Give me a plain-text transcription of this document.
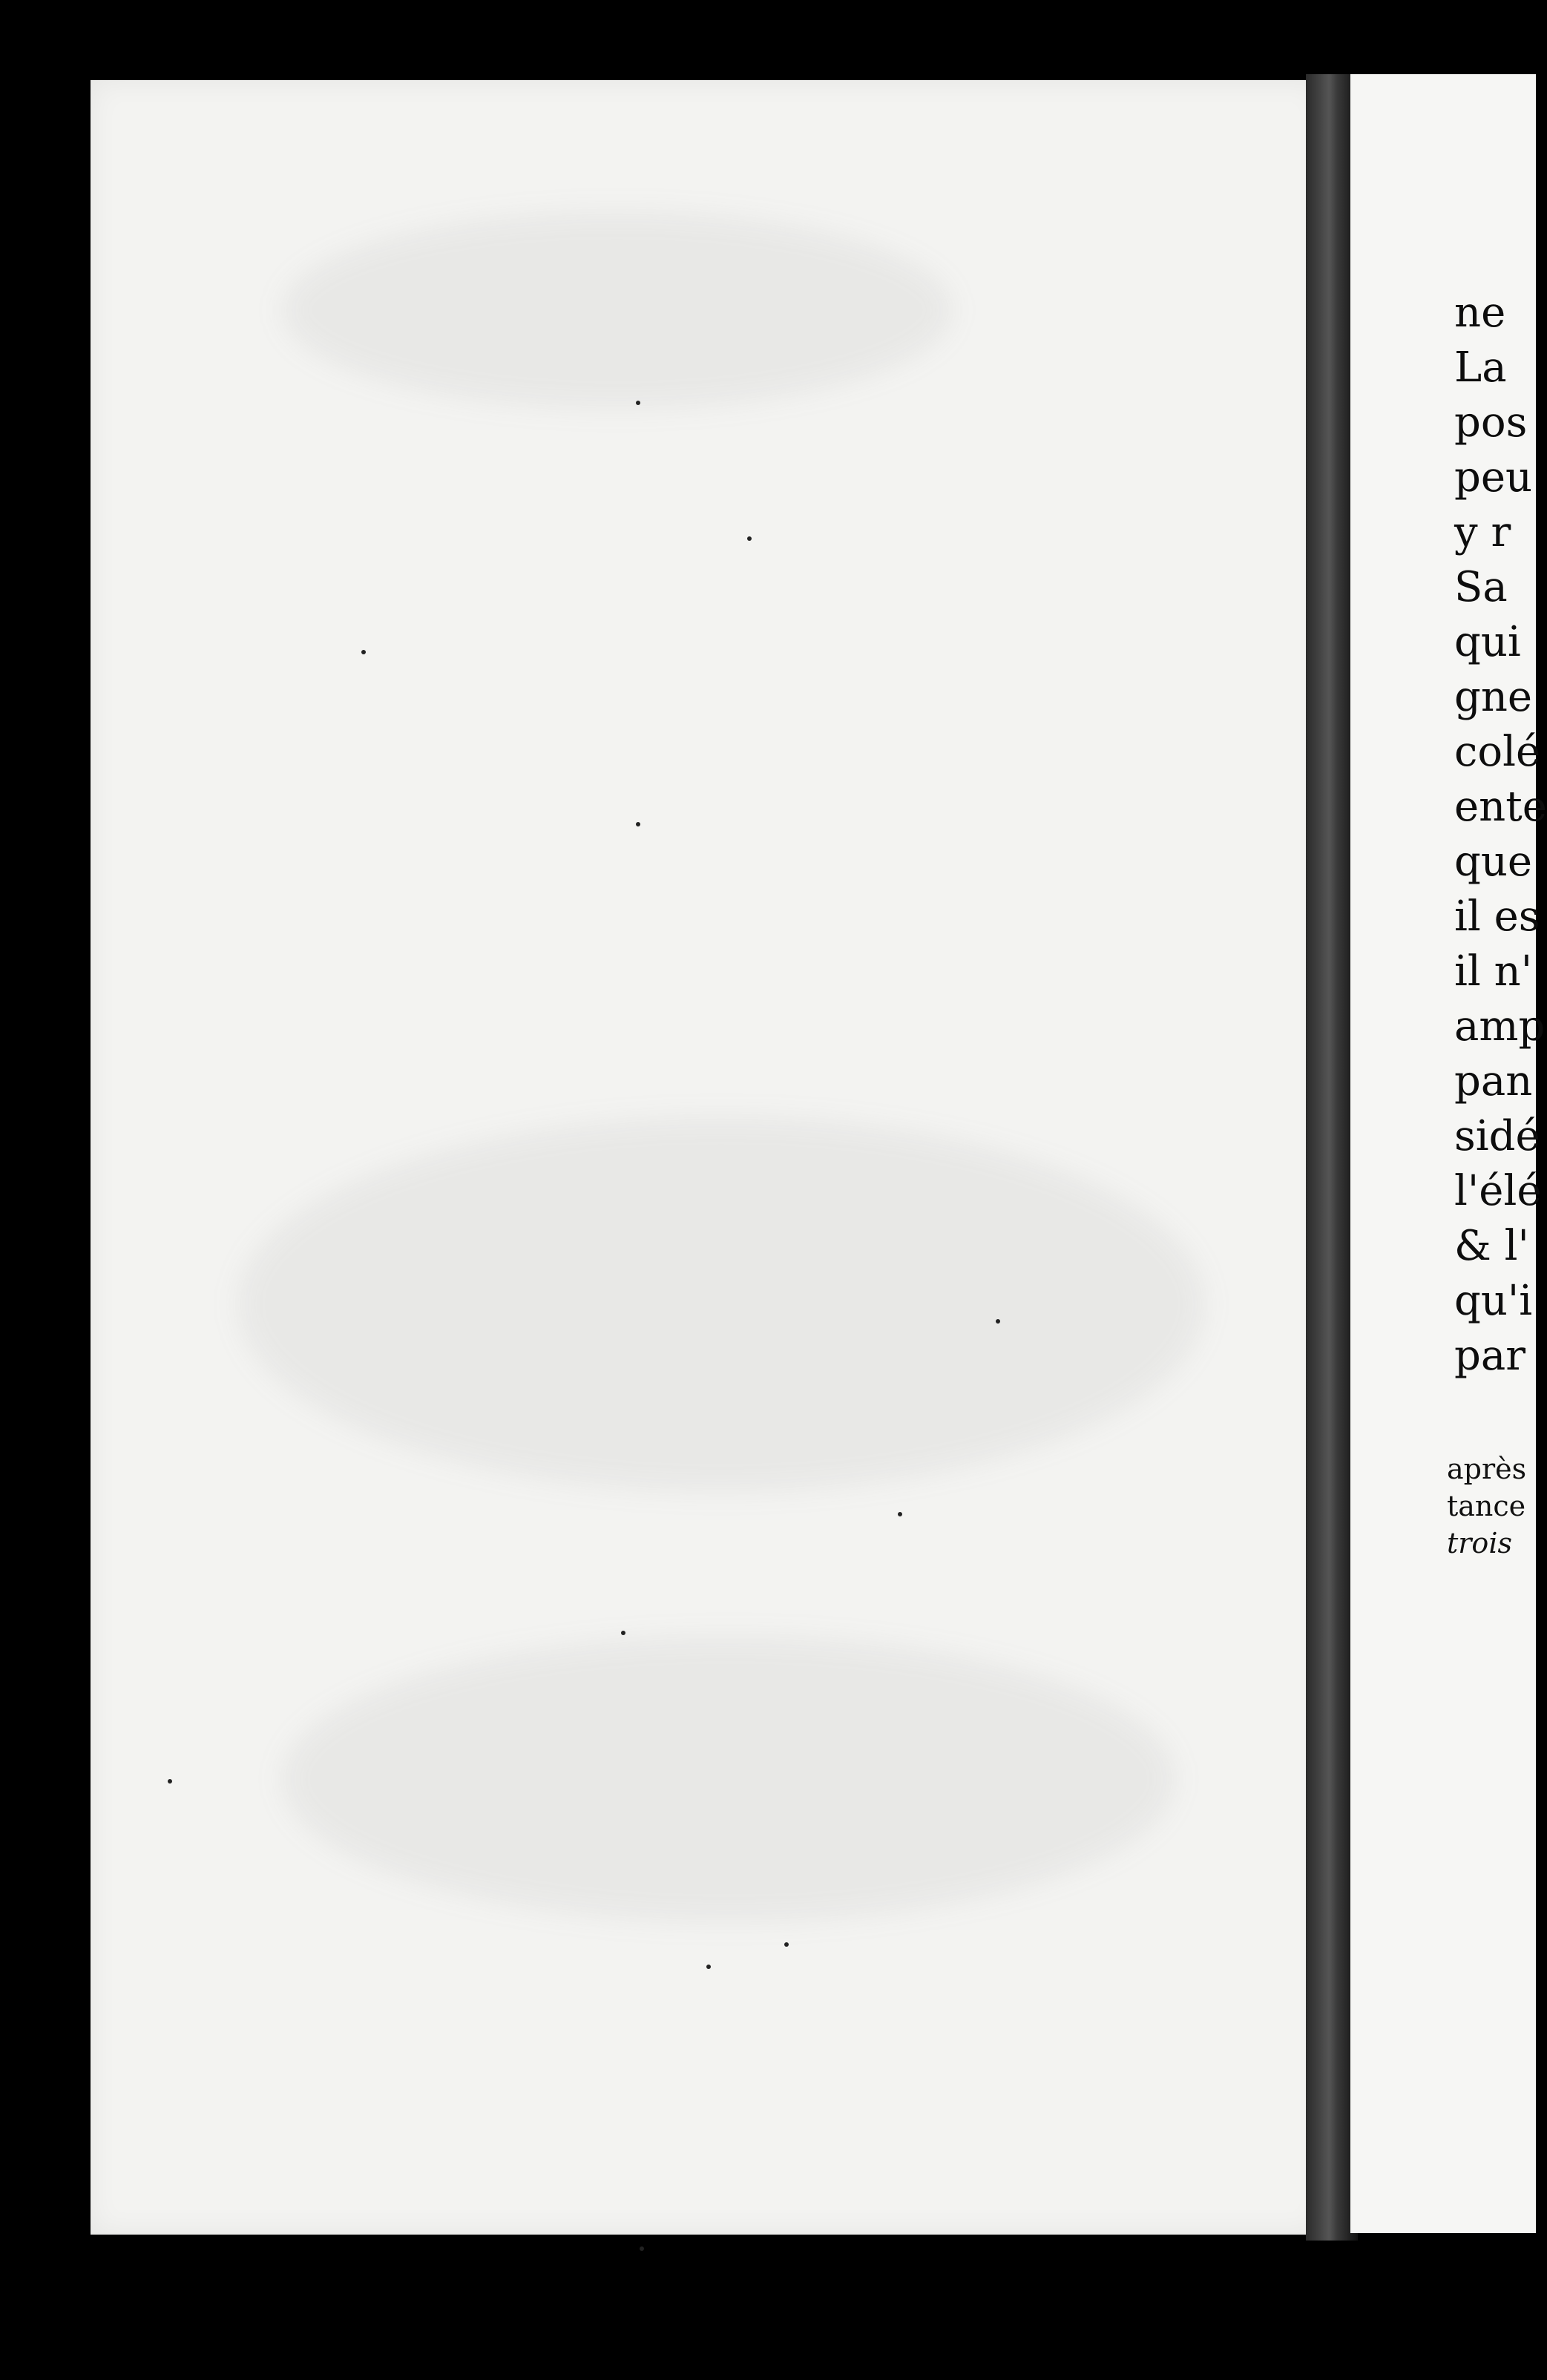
ne
La
pos
peu
y r
Sa
qui
gne
colé
ente
que
il es
il n'
amp
pan
sidé
l'élé
& l'
qu'i
par
après
tance
trois
